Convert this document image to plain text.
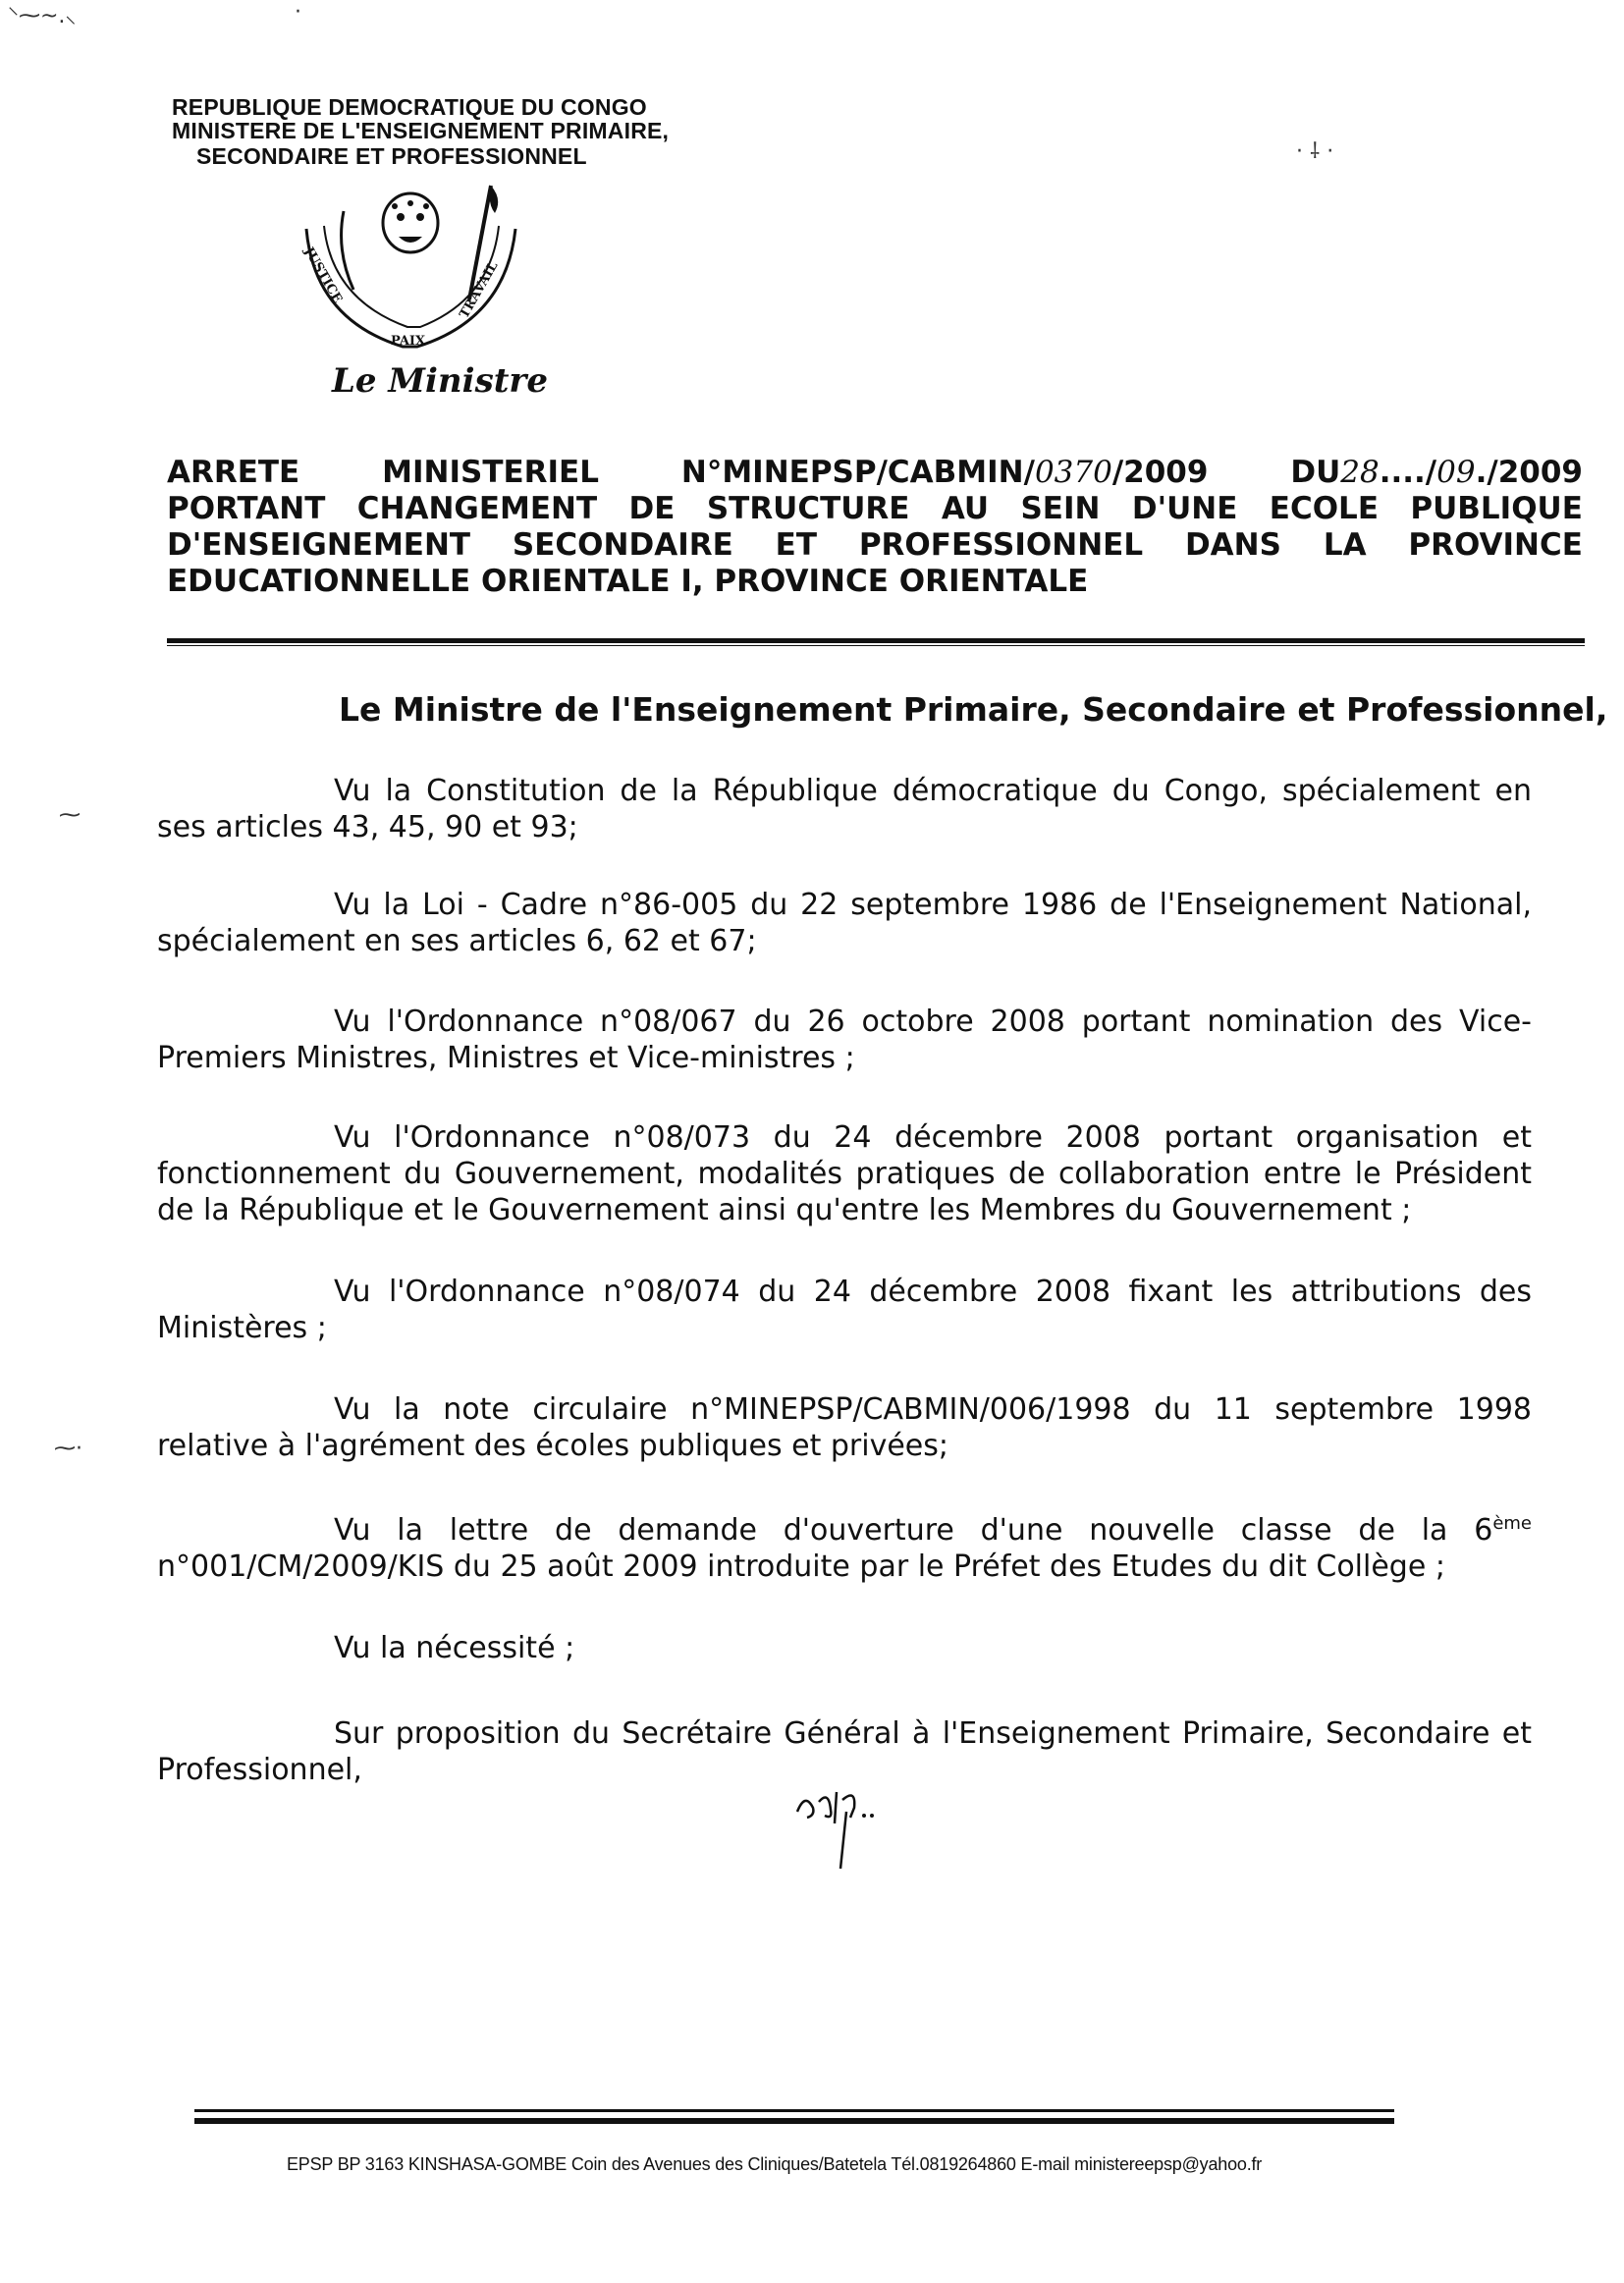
⸌⁓~.⸜	·
· ⸸ ·
⁓
⁓·
REPUBLIQUE DEMOCRATIQUE DU CONGO
MINISTERE DE L'ENSEIGNEMENT PRIMAIRE,
SECONDAIRE ET PROFESSIONNEL
JUSTICE
PAIX
TRAVAIL
Le Ministre
ARRETE	MINISTERIEL	N°MINEPSP/CABMIN/0370/2009	DU28..../09./2009
PORTANT CHANGEMENT DE STRUCTURE AU SEIN D'UNE ECOLE PUBLIQUE
D'ENSEIGNEMENT SECONDAIRE ET PROFESSIONNEL DANS LA PROVINCE
EDUCATIONNELLE ORIENTALE I, PROVINCE ORIENTALE
Le Ministre de l'Enseignement Primaire, Secondaire et Professionnel,
Vu la Constitution de la République démocratique du Congo, spécialement en ses articles 43, 45, 90 et 93;
Vu la Loi - Cadre n°86-005 du 22 septembre 1986 de l'Enseignement National, spécialement en ses articles 6, 62 et 67;
Vu l'Ordonnance n°08/067 du 26 octobre 2008 portant nomination des Vice-Premiers Ministres, Ministres et Vice-ministres ;
Vu l'Ordonnance n°08/073 du 24 décembre 2008 portant organisation et fonctionnement du Gouvernement, modalités pratiques de collaboration entre le Président de la République et le Gouvernement ainsi qu'entre les Membres du Gouvernement ;
Vu l'Ordonnance n°08/074 du 24 décembre 2008 fixant les attributions des Ministères ;
Vu la note circulaire n°MINEPSP/CABMIN/006/1998 du 11 septembre 1998 relative à l'agrément des écoles publiques et privées;
Vu la lettre de demande d'ouverture d'une nouvelle classe de la 6ème n°001/CM/2009/KIS du 25 août 2009 introduite par le Préfet des Etudes du dit Collège ;
Vu la nécessité ;
Sur proposition du Secrétaire Général à l'Enseignement Primaire, Secondaire et Professionnel,
EPSP BP 3163 KINSHASA-GOMBE Coin des Avenues des Cliniques/Batetela Tél.0819264860 E-mail ministereepsp@yahoo.fr
